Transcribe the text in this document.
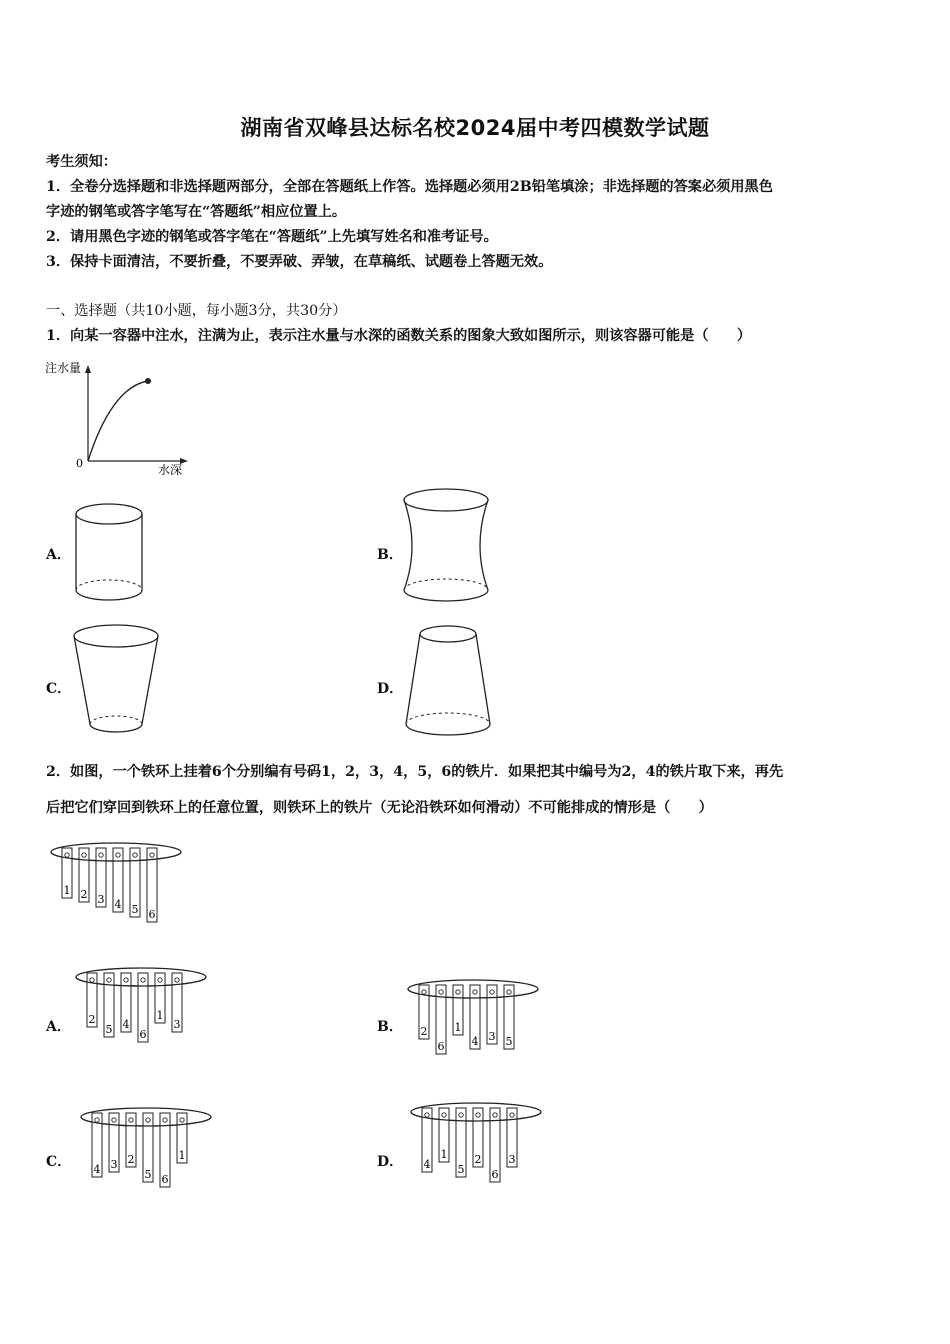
湖南省双峰县达标名校2024届中考四模数学试题
考生须知：
1．全卷分选择题和非选择题两部分，全部在答题纸上作答。选择题必须用2B铅笔填涂；非选择题的答案必须用黑色
字迹的钢笔或答字笔写在“答题纸”相应位置上。
2．请用黑色字迹的钢笔或答字笔在“答题纸”上先填写姓名和准考证号。
3．保持卡面清洁，不要折叠，不要弄破、弄皱，在草稿纸、试题卷上答题无效。
一、选择题（共10小题，每小题3分，共30分）
1．向某一容器中注水，注满为止，表示注水量与水深的函数关系的图象大致如图所示，则该容器可能是（　　）
注水量
水深
0
A．	B．
C．	D．
2．如图，一个铁环上挂着6个分别编有号码1，2，3，4，5，6的铁片．如果把其中编号为2，4的铁片取下来，再先
后把它们穿回到铁环上的任意位置，则铁环上的铁片（无论沿铁环如何滑动）不可能排成的情形是（　　）
1 2 3 4 5 6
A． 2
5 4
6
1
3	B． 2
6
1
4 3 5
C． 4 3 2
5 6
1	D． 4
1
5
2
6
3
